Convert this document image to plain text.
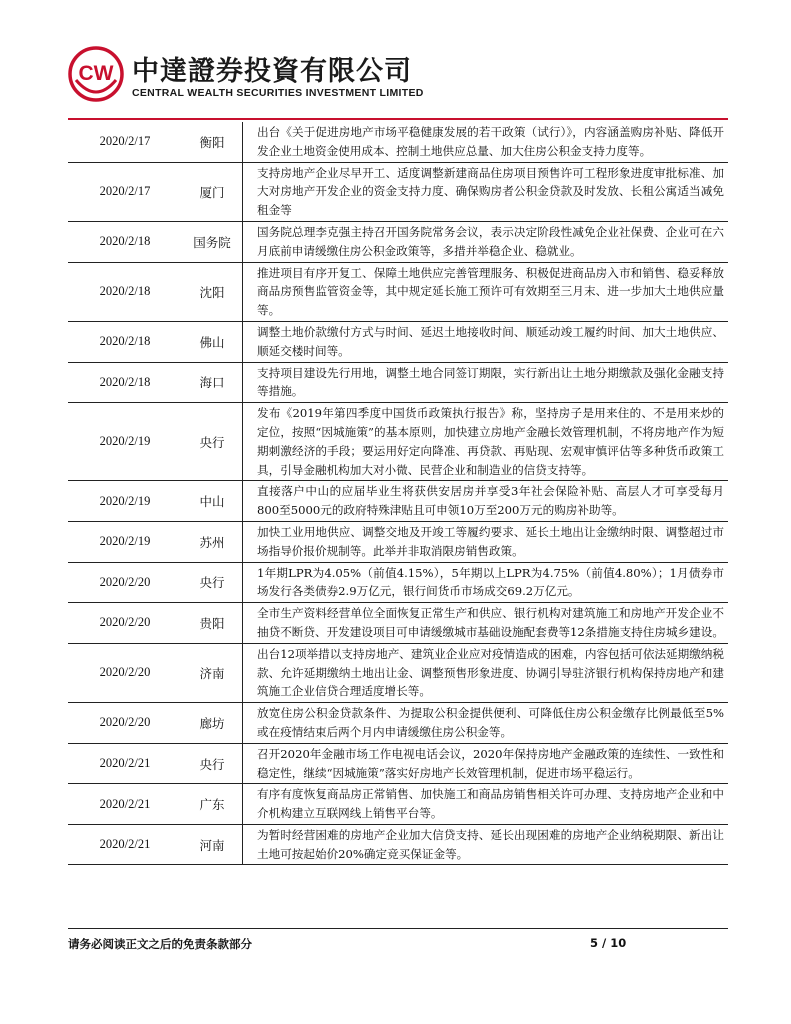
CW 中達證券投資有限公司
CENTRAL WEALTH SECURITIES INVESTMENT LIMITED
2020/2/17	衡阳	出台《关于促进房地产市场平稳健康发展的若干政策（试行）》，内容涵盖购房补贴、降低开发企业土地资金使用成本、控制土地供应总量、加大住房公积金支持力度等。
2020/2/17	厦门	支持房地产企业尽早开工、适度调整新建商品住房项目预售许可工程形象进度审批标准、加大对房地产开发企业的资金支持力度、确保购房者公积金贷款及时发放、长租公寓适当减免租金等
2020/2/18	国务院	国务院总理李克强主持召开国务院常务会议，表示决定阶段性减免企业社保费、企业可在六月底前申请缓缴住房公积金政策等，多措并举稳企业、稳就业。
2020/2/18	沈阳	推进项目有序开复工、保障土地供应完善管理服务、积极促进商品房入市和销售、稳妥释放商品房预售监管资金等，其中规定延长施工预许可有效期至三月末、进一步加大土地供应量等。
2020/2/18	佛山	调整土地价款缴付方式与时间、延迟土地接收时间、顺延动竣工履约时间、加大土地供应、顺延交楼时间等。
2020/2/18	海口	支持项目建设先行用地，调整土地合同签订期限，实行新出让土地分期缴款及强化金融支持等措施。
2020/2/19	央行	发布《2019年第四季度中国货币政策执行报告》称，坚持房子是用来住的、不是用来炒的定位，按照“因城施策”的基本原则，加快建立房地产金融长效管理机制，不将房地产作为短期刺激经济的手段；要运用好定向降准、再贷款、再贴现、宏观审慎评估等多种货币政策工具，引导金融机构加大对小微、民营企业和制造业的信贷支持等。
2020/2/19	中山	直接落户中山的应届毕业生将获供安居房并享受3年社会保险补贴、高层人才可享受每月800至5000元的政府特殊津贴且可申领10万至200万元的购房补助等。
2020/2/19	苏州	加快工业用地供应、调整交地及开竣工等履约要求、延长土地出让金缴纳时限、调整超过市场指导价报价规制等。此举并非取消限房销售政策。
2020/2/20	央行	1年期LPR为4.05%（前值4.15%），5年期以上LPR为4.75%（前值4.80%）；1月债券市场发行各类债券2.9万亿元，银行间货币市场成交69.2万亿元。
2020/2/20	贵阳	全市生产资料经营单位全面恢复正常生产和供应、银行机构对建筑施工和房地产开发企业不抽贷不断贷、开发建设项目可申请缓缴城市基础设施配套费等12条措施支持住房城乡建设。
2020/2/20	济南	出台12项举措以支持房地产、建筑业企业应对疫情造成的困难，内容包括可依法延期缴纳税款、允许延期缴纳土地出让金、调整预售形象进度、协调引导驻济银行机构保持房地产和建筑施工企业信贷合理适度增长等。
2020/2/20	廊坊	放宽住房公积金贷款条件、为提取公积金提供便利、可降低住房公积金缴存比例最低至5%或在疫情结束后两个月内申请缓缴住房公积金等。
2020/2/21	央行	召开2020年金融市场工作电视电话会议，2020年保持房地产金融政策的连续性、一致性和稳定性，继续“因城施策”落实好房地产长效管理机制，促进市场平稳运行。
2020/2/21	广东	有序有度恢复商品房正常销售、加快施工和商品房销售相关许可办理、支持房地产企业和中介机构建立互联网线上销售平台等。
2020/2/21	河南	为暂时经营困难的房地产企业加大信贷支持、延长出现困难的房地产企业纳税期限、新出让土地可按起始价20%确定竞买保证金等。
请务必阅读正文之后的免责条款部分	5 / 10
